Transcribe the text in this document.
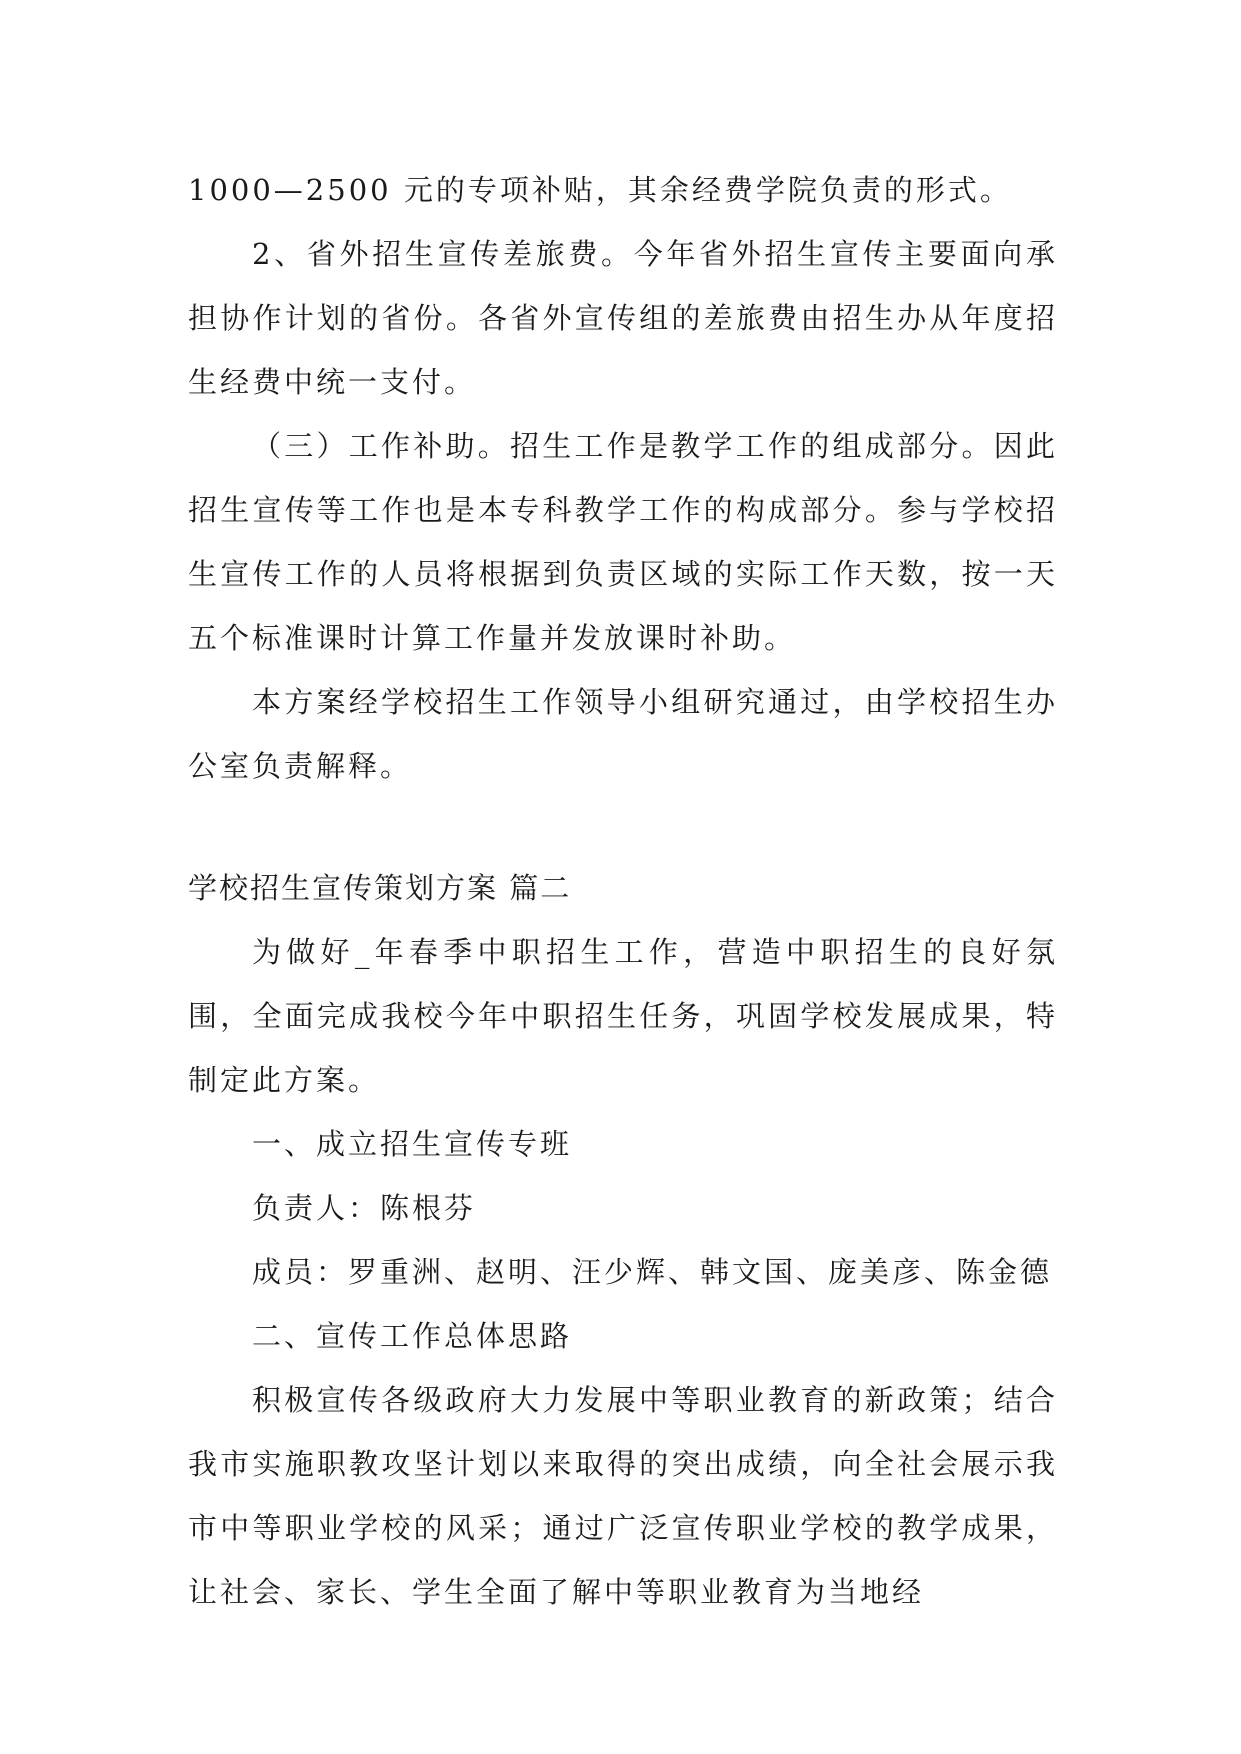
1000—2500 元的专项补贴，其余经费学院负责的形式。

2、省外招生宣传差旅费。今年省外招生宣传主要面向承担协作计划的省份。各省外宣传组的差旅费由招生办从年度招生经费中统一支付。

（三）工作补助。招生工作是教学工作的组成部分。因此招生宣传等工作也是本专科教学工作的构成部分。参与学校招生宣传工作的人员将根据到负责区域的实际工作天数，按一天五个标准课时计算工作量并发放课时补助。

本方案经学校招生工作领导小组研究通过，由学校招生办公室负责解释。

学校招生宣传策划方案 篇二

为做好_年春季中职招生工作，营造中职招生的良好氛围，全面完成我校今年中职招生任务，巩固学校发展成果，特制定此方案。

一、成立招生宣传专班

负责人：陈根芬

成员：罗重洲、赵明、汪少辉、韩文国、庞美彦、陈金德

二、宣传工作总体思路

积极宣传各级政府大力发展中等职业教育的新政策；结合我市实施职教攻坚计划以来取得的突出成绩，向全社会展示我市中等职业学校的风采；通过广泛宣传职业学校的教学成果，让社会、家长、学生全面了解中等职业教育为当地经
